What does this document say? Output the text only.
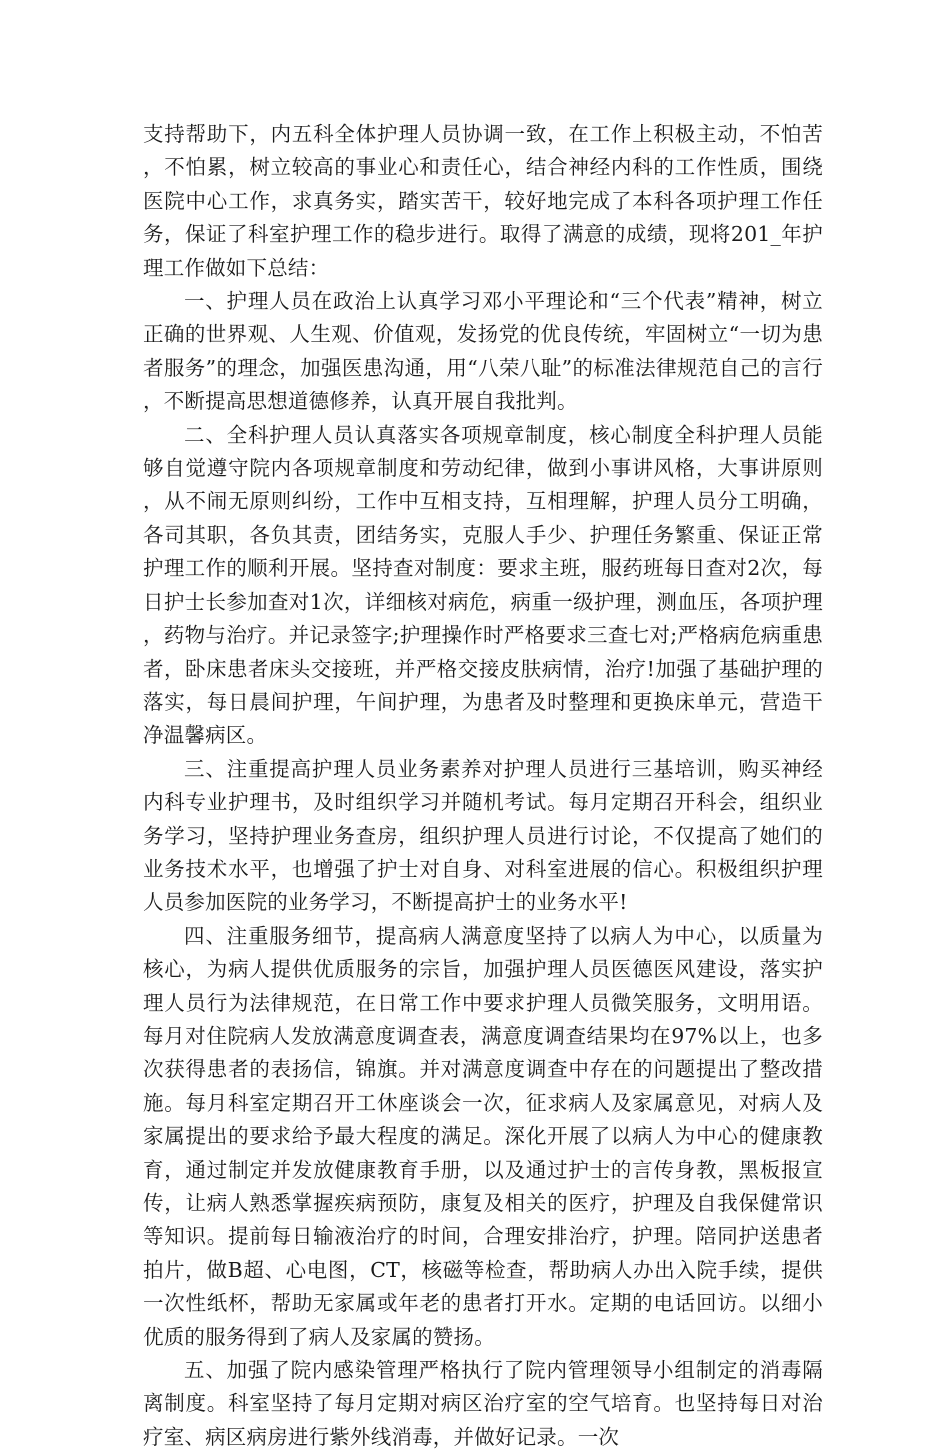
支持帮助下，内五科全体护理人员协调一致，在工作上积极主动，不怕苦，不怕累，树立较高的事业心和责任心，结合神经内科的工作性质，围绕医院中心工作，求真务实，踏实苦干，较好地完成了本科各项护理工作任务，保证了科室护理工作的稳步进行。取得了满意的成绩，现将201_年护理工作做如下总结：

一、护理人员在政治上认真学习邓小平理论和“三个代表”精神，树立正确的世界观、人生观、价值观，发扬党的优良传统，牢固树立“一切为患者服务”的理念，加强医患沟通，用“八荣八耻”的标准法律规范自己的言行，不断提高思想道德修养，认真开展自我批判。

二、全科护理人员认真落实各项规章制度，核心制度全科护理人员能够自觉遵守院内各项规章制度和劳动纪律，做到小事讲风格，大事讲原则，从不闹无原则纠纷，工作中互相支持，互相理解，护理人员分工明确，各司其职，各负其责，团结务实，克服人手少、护理任务繁重、保证正常护理工作的顺利开展。坚持查对制度：要求主班，服药班每日查对2次，每日护士长参加查对1次，详细核对病危，病重一级护理，测血压，各项护理，药物与治疗。并记录签字;护理操作时严格要求三查七对;严格病危病重患者，卧床患者床头交接班，并严格交接皮肤病情，治疗!加强了基础护理的落实，每日晨间护理，午间护理，为患者及时整理和更换床单元，营造干净温馨病区。

三、注重提高护理人员业务素养对护理人员进行三基培训，购买神经内科专业护理书，及时组织学习并随机考试。每月定期召开科会，组织业务学习，坚持护理业务查房，组织护理人员进行讨论，不仅提高了她们的业务技术水平，也增强了护士对自身、对科室进展的信心。积极组织护理人员参加医院的业务学习，不断提高护士的业务水平!

四、注重服务细节，提高病人满意度坚持了以病人为中心，以质量为核心，为病人提供优质服务的宗旨，加强护理人员医德医风建设，落实护理人员行为法律规范，在日常工作中要求护理人员微笑服务，文明用语。每月对住院病人发放满意度调查表，满意度调查结果均在97%以上，也多次获得患者的表扬信，锦旗。并对满意度调查中存在的问题提出了整改措施。每月科室定期召开工休座谈会一次，征求病人及家属意见，对病人及家属提出的要求给予最大程度的满足。深化开展了以病人为中心的健康教育，通过制定并发放健康教育手册，以及通过护士的言传身教，黑板报宣传，让病人熟悉掌握疾病预防，康复及相关的医疗，护理及自我保健常识等知识。提前每日输液治疗的时间，合理安排治疗，护理。陪同护送患者拍片，做B超、心电图，CT，核磁等检查，帮助病人办出入院手续，提供一次性纸杯，帮助无家属或年老的患者打开水。定期的电话回访。以细小优质的服务得到了病人及家属的赞扬。

五、加强了院内感染管理严格执行了院内管理领导小组制定的消毒隔离制度。科室坚持了每月定期对病区治疗室的空气培育。也坚持每日对治疗室、病区病房进行紫外线消毒，并做好记录。一次
